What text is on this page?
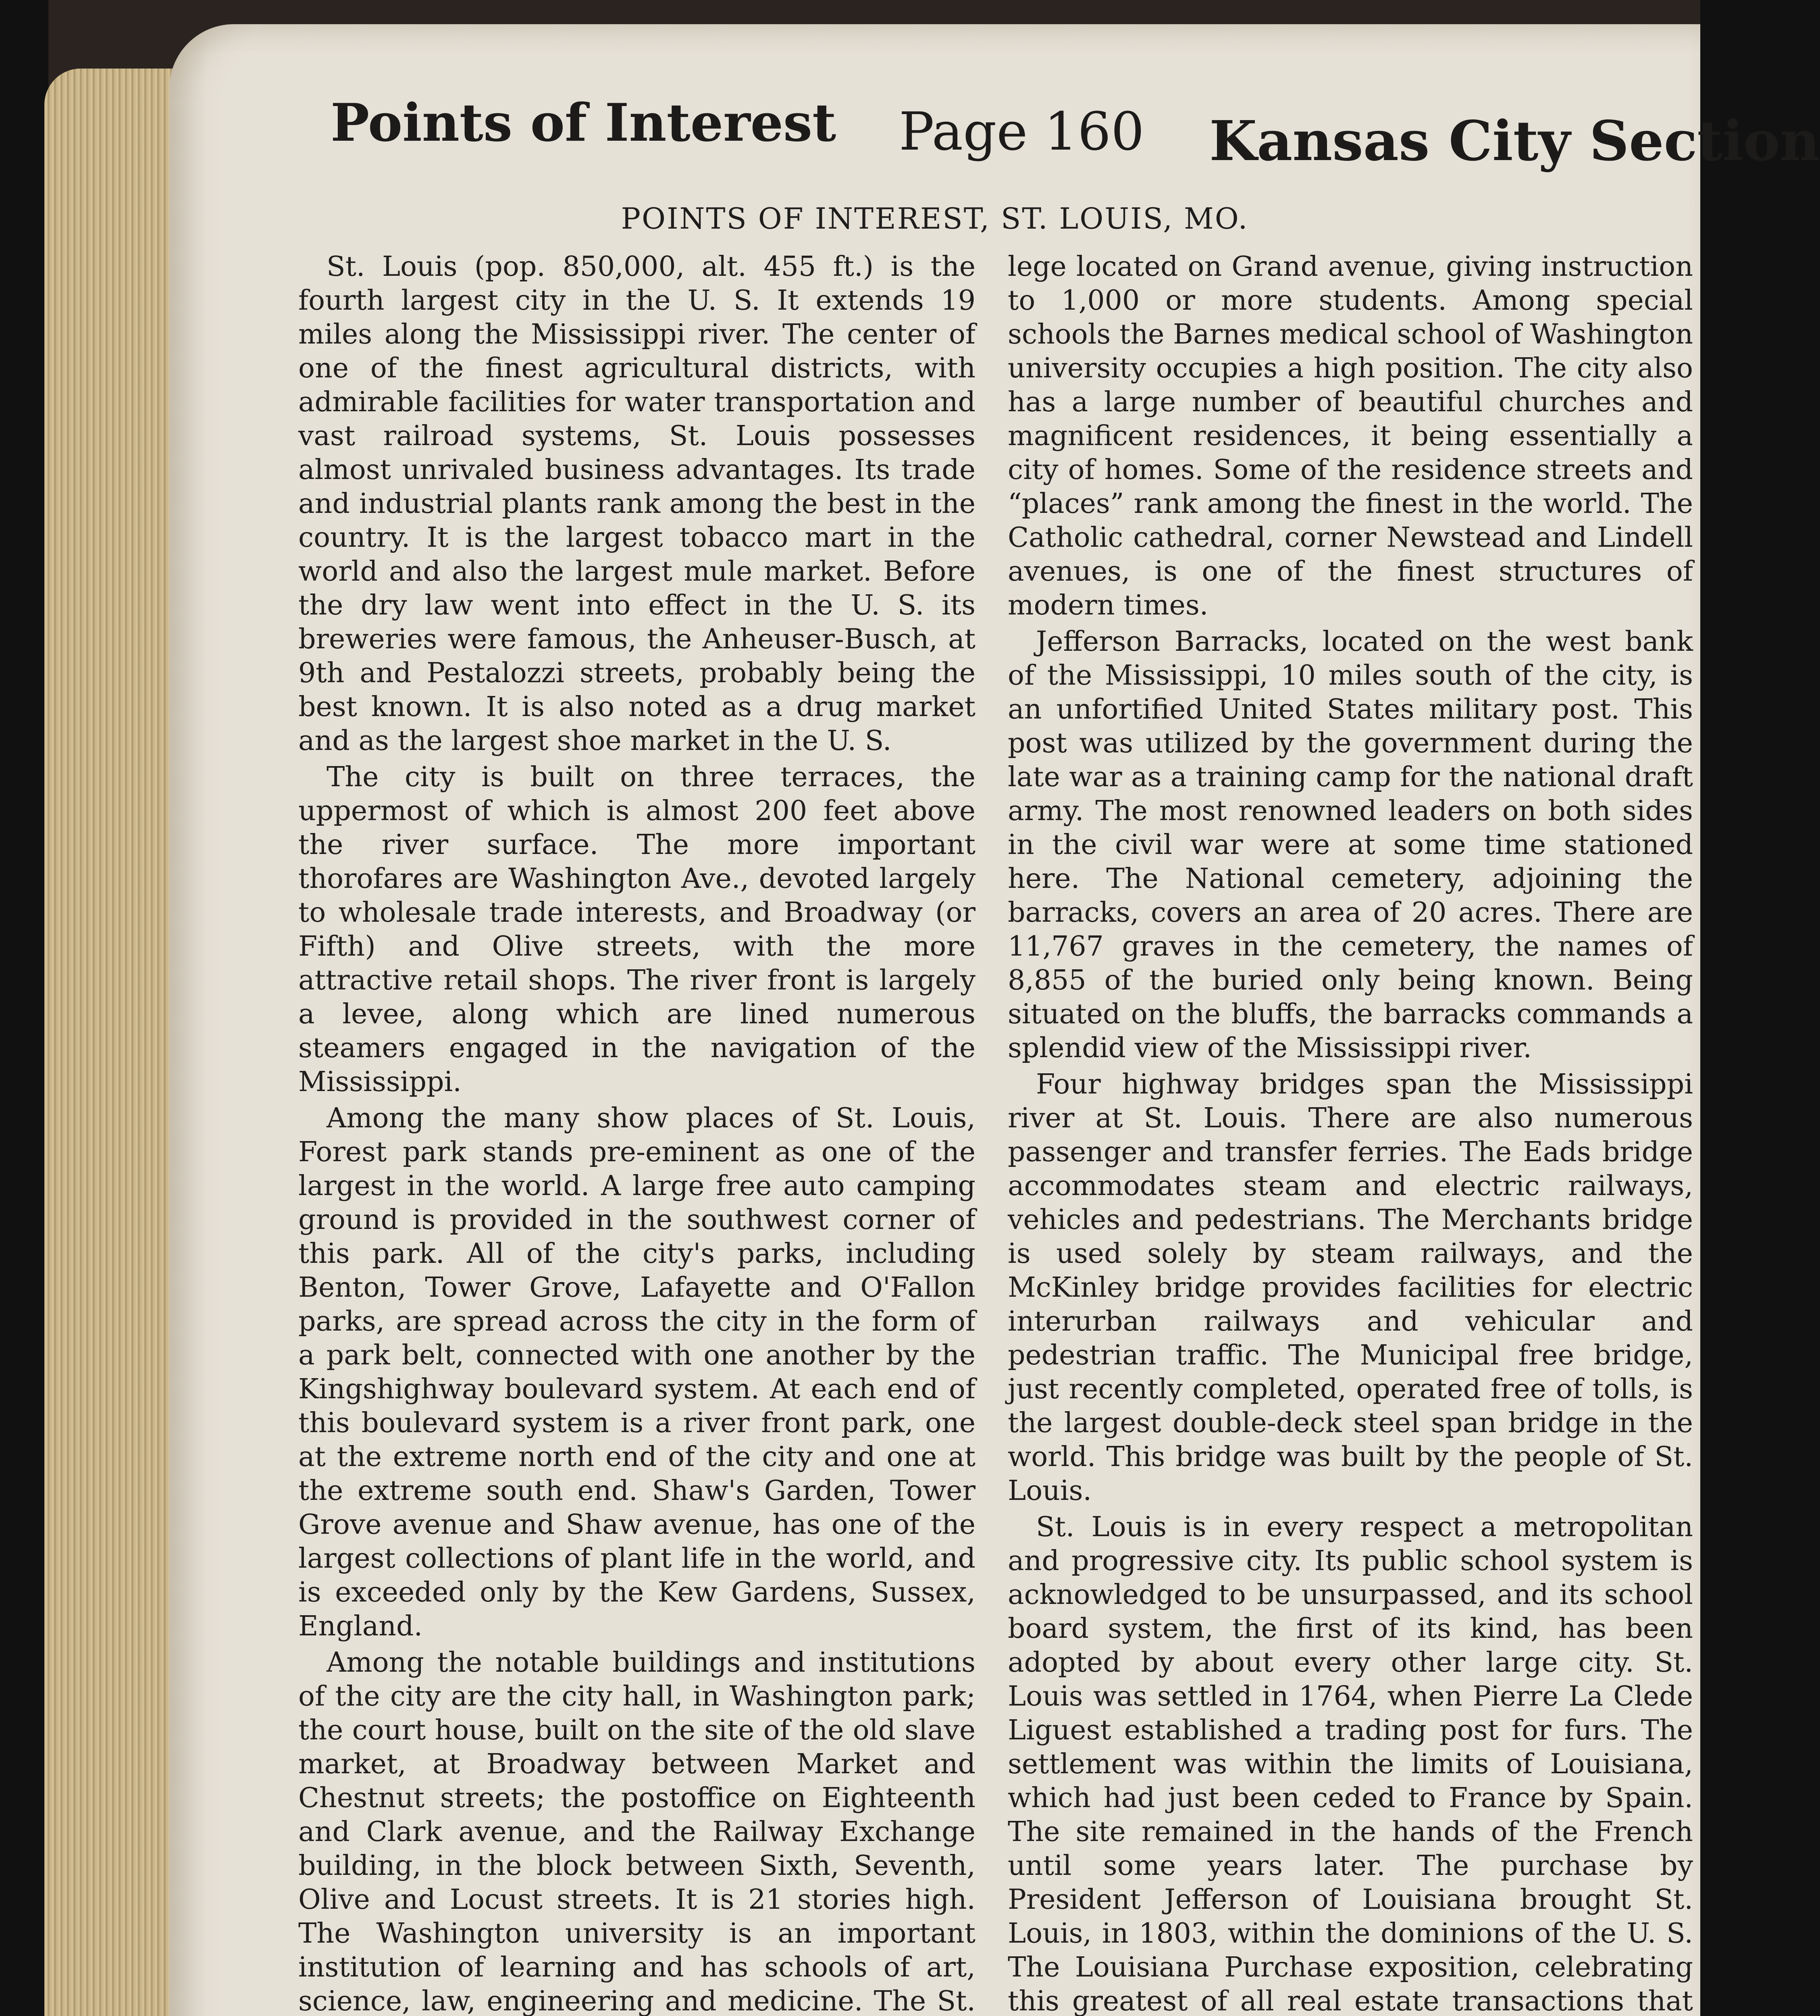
Points of Interest Page 160 Kansas City Section
POINTS OF INTEREST, ST. LOUIS, MO.

St. Louis (pop. 850,000, alt. 455 ft.) is the fourth largest city in the U. S. It extends 19 miles along the Mississippi river. The center of one of the finest agricultural districts, with admirable facilities for water transportation and vast railroad systems, St. Louis possesses almost unrivaled business advantages. Its trade and industrial plants rank among the best in the country. It is the largest tobacco mart in the world and also the largest mule market. Before the dry law went into effect in the U. S. its breweries were famous, the Anheuser-Busch, at 9th and Pestalozzi streets, probably being the best known. It is also noted as a drug market and as the largest shoe market in the U. S.

The city is built on three terraces, the uppermost of which is almost 200 feet above the river surface. The more important thorofares are Washington Ave., devoted largely to wholesale trade interests, and Broadway (or Fifth) and Olive streets, with the more attractive retail shops. The river front is largely a levee, along which are lined numerous steamers engaged in the navigation of the Mississippi.

Among the many show places of St. Louis, Forest park stands pre-eminent as one of the largest in the world. A large free auto camping ground is provided in the southwest corner of this park. All of the city's parks, including Benton, Tower Grove, Lafayette and O'Fallon parks, are spread across the city in the form of a park belt, connected with one another by the Kingshighway boulevard system. At each end of this boulevard system is a river front park, one at the extreme north end of the city and one at the extreme south end. Shaw's Garden, Tower Grove avenue and Shaw avenue, has one of the largest collections of plant life in the world, and is exceeded only by the Kew Gardens, Sussex, England.

Among the notable buildings and institutions of the city are the city hall, in Washington park; the court house, built on the site of the old slave market, at Broadway between Market and Chestnut streets; the postoffice on Eighteenth and Clark avenue, and the Railway Exchange building, in the block between Sixth, Seventh, Olive and Locust streets. It is 21 stories high. The Washington university is an important institution of learning and has schools of art, science, law, engineering and medicine. The St.

lege located on Grand avenue, giving instruction to 1,000 or more students. Among special schools the Barnes medical school of Washington university occupies a high position. The city also has a large number of beautiful churches and magnificent residences, it being essentially a city of homes. Some of the residence streets and “places” rank among the finest in the world. The Catholic cathedral, corner Newstead and Lindell avenues, is one of the finest structures of modern times.

Jefferson Barracks, located on the west bank of the Mississippi, 10 miles south of the city, is an unfortified United States military post. This post was utilized by the government during the late war as a training camp for the national draft army. The most renowned leaders on both sides in the civil war were at some time stationed here. The National cemetery, adjoining the barracks, covers an area of 20 acres. There are 11,767 graves in the cemetery, the names of 8,855 of the buried only being known. Being situated on the bluffs, the barracks commands a splendid view of the Mississippi river.

Four highway bridges span the Mississippi river at St. Louis. There are also numerous passenger and transfer ferries. The Eads bridge accommodates steam and electric railways, vehicles and pedestrians. The Merchants bridge is used solely by steam railways, and the McKinley bridge provides facilities for electric interurban railways and vehicular and pedestrian traffic. The Municipal free bridge, just recently completed, operated free of tolls, is the largest double-deck steel span bridge in the world. This bridge was built by the people of St. Louis.

St. Louis is in every respect a metropolitan and progressive city. Its public school system is acknowledged to be unsurpassed, and its school board system, the first of its kind, has been adopted by about every other large city. St. Louis was settled in 1764, when Pierre La Clede Liguest established a trading post for furs. The settlement was within the limits of Louisiana, which had just been ceded to France by Spain. The site remained in the hands of the French until some years later. The purchase by President Jefferson of Louisiana brought St. Louis, in 1803, within the dominions of the U. S. The Louisiana Purchase exposition, celebrating this greatest of all real estate transactions that
